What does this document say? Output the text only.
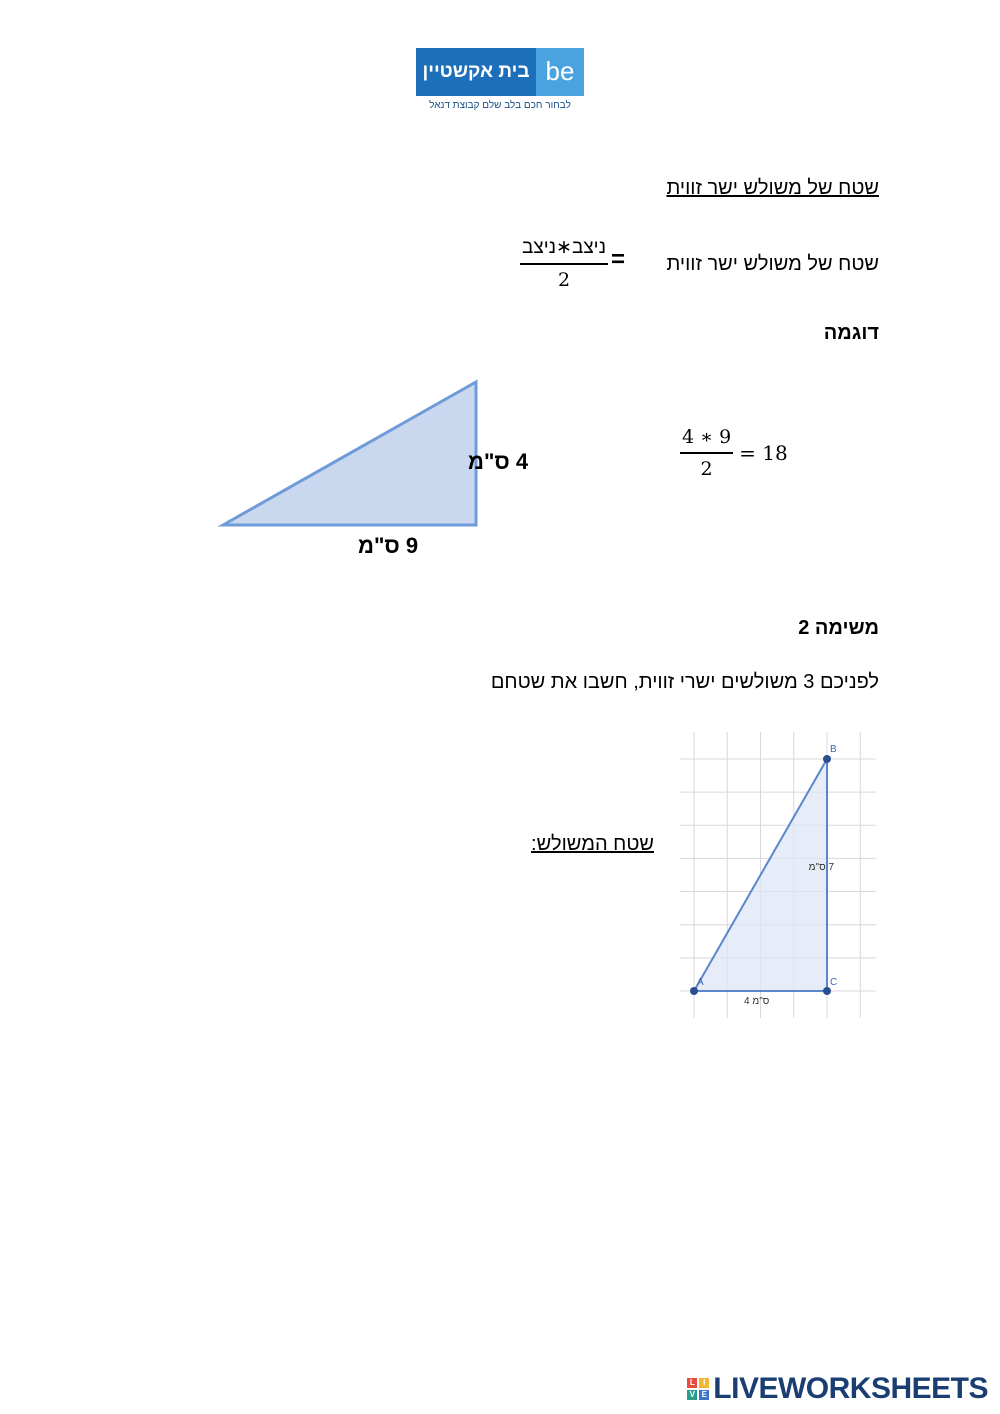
בית אקשטיין be
לבחור חכם בלב שלם קבוצת דנאל
שטח של משולש ישר זווית
שטח של משולש ישר זווית
=
$\frac{\text{ניצב∗ניצב}}{2}$
דוגמה
4 ס"מ
9 ס"מ
$\frac{4 ∗ 9}{2} = 18$
משימה 2
לפניכם 3 משולשים ישרי זווית, חשבו את שטחם
שטח המשולש:
A
B
C
7 ס"מ
4 ס"מ
L	I
V E LIVEWORKSHEETS
